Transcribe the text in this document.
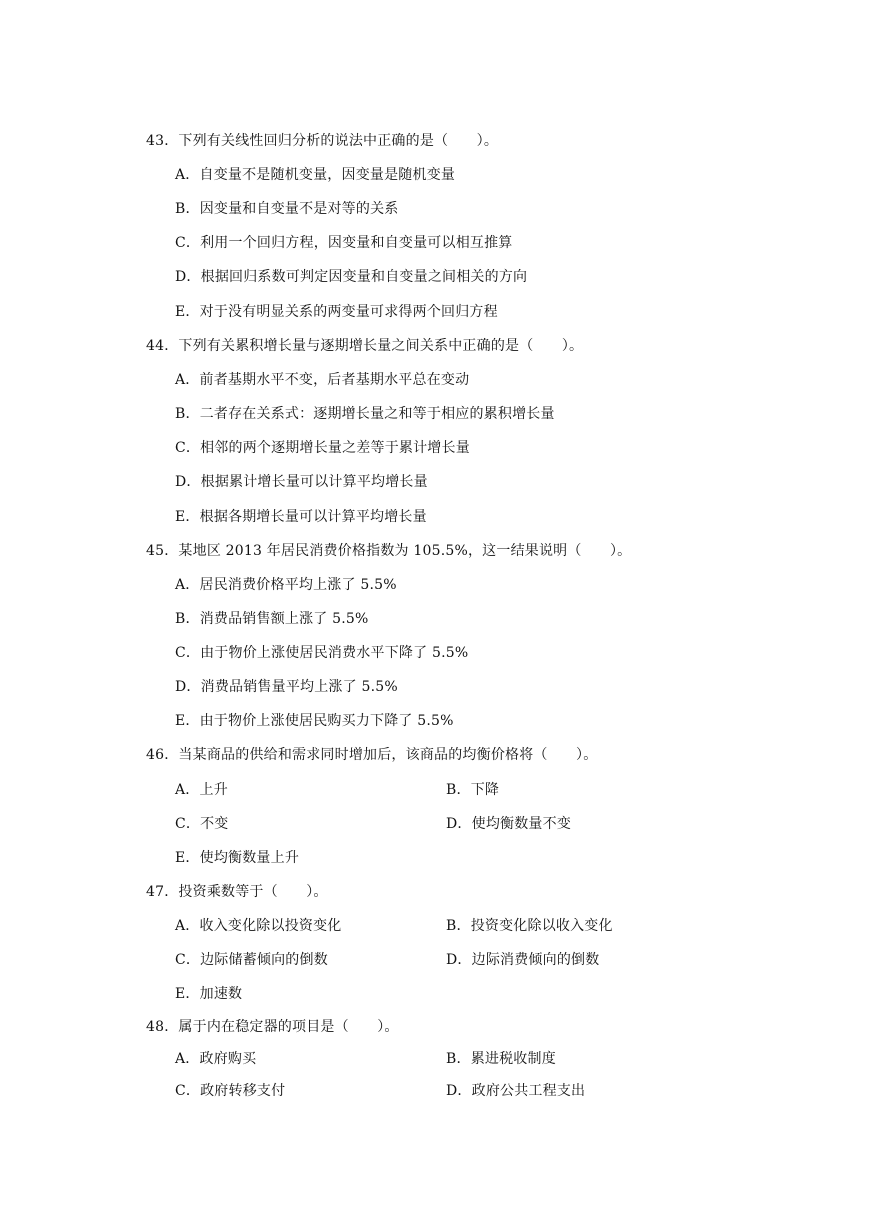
43．下列有关线性回归分析的说法中正确的是（　　）。
A．自变量不是随机变量，因变量是随机变量
B．因变量和自变量不是对等的关系
C．利用一个回归方程，因变量和自变量可以相互推算
D．根据回归系数可判定因变量和自变量之间相关的方向
E．对于没有明显关系的两变量可求得两个回归方程
44．下列有关累积增长量与逐期增长量之间关系中正确的是（　　）。
A．前者基期水平不变，后者基期水平总在变动
B．二者存在关系式：逐期增长量之和等于相应的累积增长量
C．相邻的两个逐期增长量之差等于累计增长量
D．根据累计增长量可以计算平均增长量
E．根据各期增长量可以计算平均增长量
45．某地区 2013 年居民消费价格指数为 105.5%，这一结果说明（　　）。
A．居民消费价格平均上涨了 5.5%
B．消费品销售额上涨了 5.5%
C．由于物价上涨使居民消费水平下降了 5.5%
D．消费品销售量平均上涨了 5.5%
E．由于物价上涨使居民购买力下降了 5.5%
46．当某商品的供给和需求同时增加后，该商品的均衡价格将（　　）。
A．上升	B．下降
C．不变	D．使均衡数量不变
E．使均衡数量上升
47．投资乘数等于（　　）。
A．收入变化除以投资变化	B．投资变化除以收入变化
C．边际储蓄倾向的倒数	D．边际消费倾向的倒数
E．加速数
48．属于内在稳定器的项目是（　　）。
A．政府购买	B．累进税收制度
C．政府转移支付	D．政府公共工程支出
